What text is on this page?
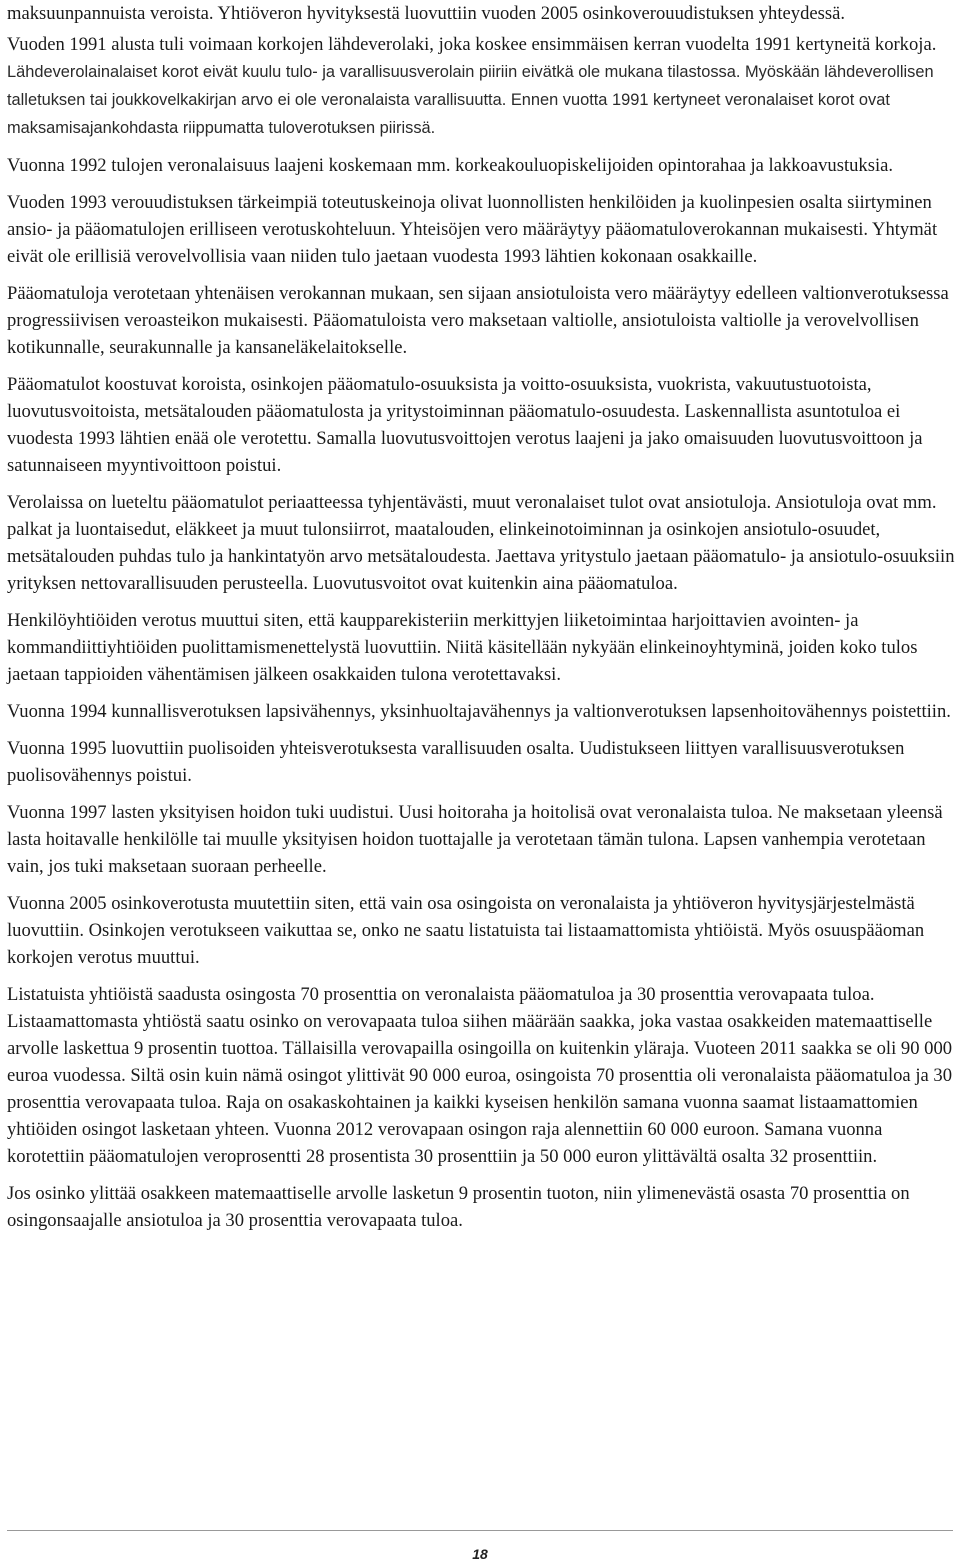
maksuunpannuista veroista. Yhtiöveron hyvityksestä luovuttiin vuoden 2005 osinkoverouudistuksen yhteydessä.

Vuoden 1991 alusta tuli voimaan korkojen lähdeverolaki, joka koskee ensimmäisen kerran vuodelta 1991 kertyneitä korkoja. Lähdeverolainalaiset korot eivät kuulu tulo- ja varallisuusverolain piiriin eivätkä ole mukana tilastossa. Myöskään lähdeverollisen talletuksen tai joukkovelkakirjan arvo ei ole veronalaista varallisuutta. Ennen vuotta 1991 kertyneet veronalaiset korot ovat maksamisajankohdasta riippumatta tuloverotuksen piirissä.

Vuonna 1992 tulojen veronalaisuus laajeni koskemaan mm. korkeakouluopiskelijoiden opintorahaa ja lakkoavustuksia.

Vuoden 1993 verouudistuksen tärkeimpiä toteutuskeinoja olivat luonnollisten henkilöiden ja kuolinpesien osalta siirtyminen ansio- ja pääomatulojen erilliseen verotuskohteluun. Yhteisöjen vero määräytyy pääomatuloverokannan mukaisesti. Yhtymät eivät ole erillisiä verovelvollisia vaan niiden tulo jaetaan vuodesta 1993 lähtien kokonaan osakkaille.

Pääomatuloja verotetaan yhtenäisen verokannan mukaan, sen sijaan ansiotuloista vero määräytyy edelleen valtionverotuksessa progressiivisen veroasteikon mukaisesti. Pääomatuloista vero maksetaan valtiolle, ansiotuloista valtiolle ja verovelvollisen kotikunnalle, seurakunnalle ja kansaneläkelaitokselle.

Pääomatulot koostuvat koroista, osinkojen pääomatulo-osuuksista ja voitto-osuuksista, vuokrista, vakuutustuotoista, luovutusvoitoista, metsätalouden pääomatulosta ja yritystoiminnan pääomatulo-osuudesta. Laskennallista asuntotuloa ei vuodesta 1993 lähtien enää ole verotettu. Samalla luovutusvoittojen verotus laajeni ja jako omaisuuden luovutusvoittoon ja satunnaiseen myyntivoittoon poistui.

Verolaissa on lueteltu pääomatulot periaatteessa tyhjentävästi, muut veronalaiset tulot ovat ansiotuloja. Ansiotuloja ovat mm. palkat ja luontaisedut, eläkkeet ja muut tulonsiirrot, maatalouden, elinkeinotoiminnan ja osinkojen ansiotulo-osuudet, metsätalouden puhdas tulo ja hankintatyön arvo metsätaloudesta. Jaettava yritystulo jaetaan pääomatulo- ja ansiotulo-osuuksiin yrityksen nettovarallisuuden perusteella. Luovutusvoitot ovat kuitenkin aina pääomatuloa.

Henkilöyhtiöiden verotus muuttui siten, että kaupparekisteriin merkittyjen liiketoimintaa harjoittavien avointen- ja kommandiittiyhtiöiden puolittamismenettelystä luovuttiin. Niitä käsitellään nykyään elinkeinoyhtyminä, joiden koko tulos jaetaan tappioiden vähentämisen jälkeen osakkaiden tulona verotettavaksi.

Vuonna 1994 kunnallisverotuksen lapsivähennys, yksinhuoltajavähennys ja valtionverotuksen lapsenhoitovähennys poistettiin.

Vuonna 1995 luovuttiin puolisoiden yhteisverotuksesta varallisuuden osalta. Uudistukseen liittyen varallisuusverotuksen puolisovähennys poistui.

Vuonna 1997 lasten yksityisen hoidon tuki uudistui. Uusi hoitoraha ja hoitolisä ovat veronalaista tuloa. Ne maksetaan yleensä lasta hoitavalle henkilölle tai muulle yksityisen hoidon tuottajalle ja verotetaan tämän tulona. Lapsen vanhempia verotetaan vain, jos tuki maksetaan suoraan perheelle.

Vuonna 2005 osinkoverotusta muutettiin siten, että vain osa osingoista on veronalaista ja yhtiöveron hyvitysjärjestelmästä luovuttiin. Osinkojen verotukseen vaikuttaa se, onko ne saatu listatuista tai listaamattomista yhtiöistä. Myös osuuspääoman korkojen verotus muuttui.

Listatuista yhtiöistä saadusta osingosta 70 prosenttia on veronalaista pääomatuloa ja 30 prosenttia verovapaata tuloa. Listaamattomasta yhtiöstä saatu osinko on verovapaata tuloa siihen määrään saakka, joka vastaa osakkeiden matemaattiselle arvolle laskettua 9 prosentin tuottoa. Tällaisilla verovapailla osingoilla on kuitenkin yläraja. Vuoteen 2011 saakka se oli 90 000 euroa vuodessa. Siltä osin kuin nämä osingot ylittivät 90 000 euroa, osingoista 70 prosenttia oli veronalaista pääomatuloa ja 30 prosenttia verovapaata tuloa. Raja on osakaskohtainen ja kaikki kyseisen henkilön samana vuonna saamat listaamattomien yhtiöiden osingot lasketaan yhteen. Vuonna 2012 verovapaan osingon raja alennettiin 60 000 euroon. Samana vuonna korotettiin pääomatulojen veroprosentti 28 prosentista 30 prosenttiin ja 50 000 euron ylittävältä osalta 32 prosenttiin.

Jos osinko ylittää osakkeen matemaattiselle arvolle lasketun 9 prosentin tuoton, niin ylimenevästä osasta 70 prosenttia on osingonsaajalle ansiotuloa ja 30 prosenttia verovapaata tuloa.

18
